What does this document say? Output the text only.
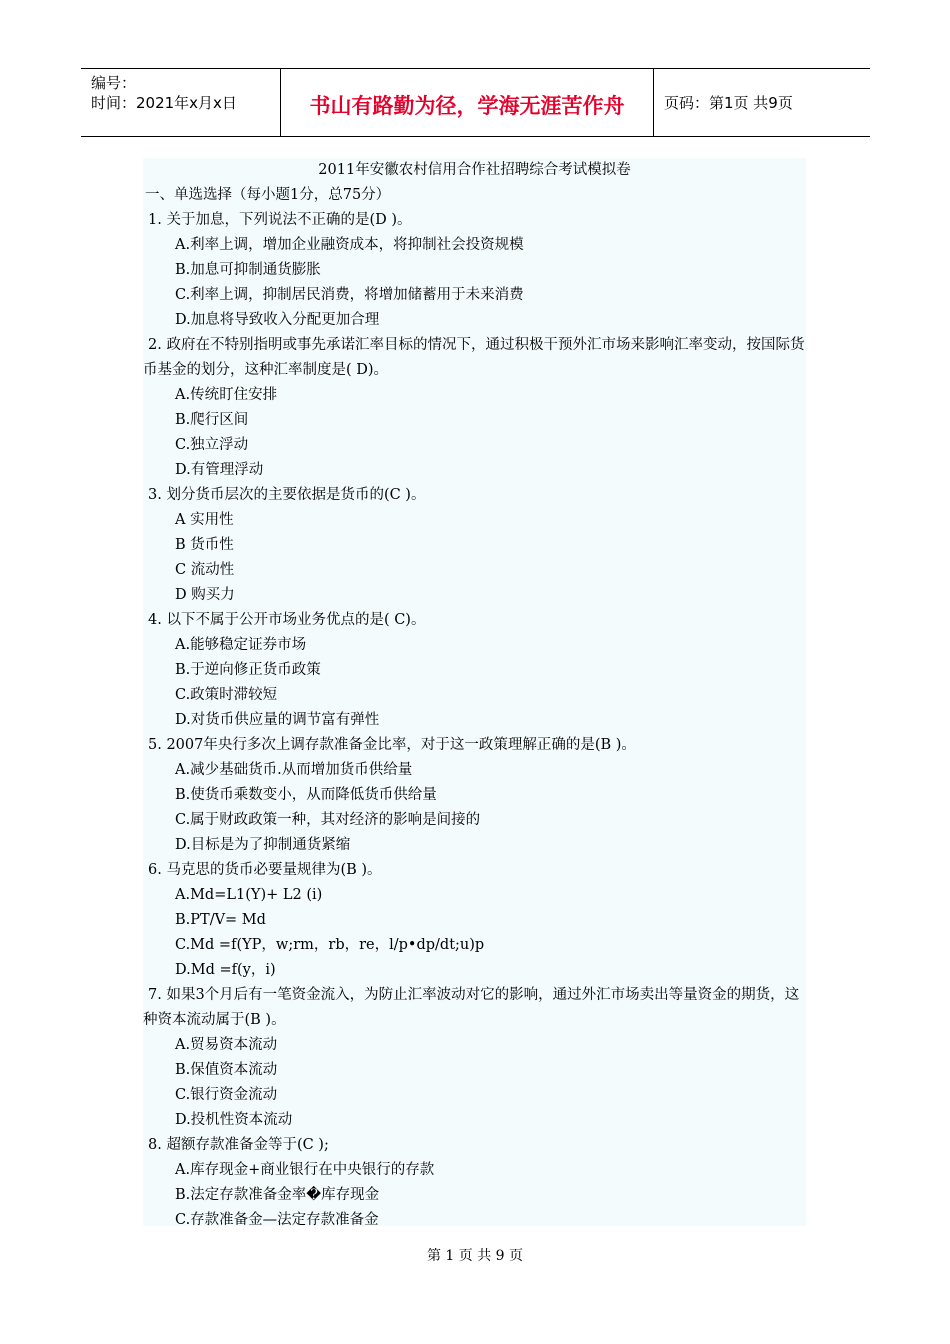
编号：
时间：2021年x月x日	书山有路勤为径，学海无涯苦作舟	页码：第1页 共9页
2011年安徽农村信用合作社招聘综合考试模拟卷
一、单选选择（每小题1分，总75分）
1. 关于加息，下列说法不正确的是(D )。
A.利率上调，增加企业融资成本，将抑制社会投资规模
B.加息可抑制通货膨胀
C.利率上调，抑制居民消费，将增加储蓄用于未来消费
D.加息将导致收入分配更加合理
2. 政府在不特别指明或事先承诺汇率目标的情况下，通过积极干预外汇市场来影响汇率变动，按国际货币基金的划分，这种汇率制度是( D)。
A.传统盯住安排
B.爬行区间
C.独立浮动
D.有管理浮动
3. 划分货币层次的主要依据是货币的(C )。
A 实用性
B 货币性
C 流动性
D 购买力
4. 以下不属于公开市场业务优点的是( C)。
A.能够稳定证券市场
B.于逆向修正货币政策
C.政策时滞较短
D.对货币供应量的调节富有弹性
5. 2007年央行多次上调存款准备金比率，对于这一政策理解正确的是(B )。
A.减少基础货币.从而增加货币供给量
B.使货币乘数变小，从而降低货币供给量
C.属于财政政策一种，其对经济的影响是间接的
D.目标是为了抑制通货紧缩
6. 马克思的货币必要量规律为(B )。
A.Md=L1(Y)+ L2 (i)
B.PT/V= Md
C.Md =f(YP，w;rm，rb，re，l/p•dp/dt;u)p
D.Md =f(y，i)
7. 如果3个月后有一笔资金流入，为防止汇率波动对它的影响，通过外汇市场卖出等量资金的期货，这种资本流动属于(B )。
A.贸易资本流动
B.保值资本流动
C.银行资金流动
D.投机性资本流动
8. 超额存款准备金等于(C );
A.库存现金+商业银行在中央银行的存款
B.法定存款准备金率�库存现金
C.存款准备金—法定存款准备金
第 1 页 共 9 页
